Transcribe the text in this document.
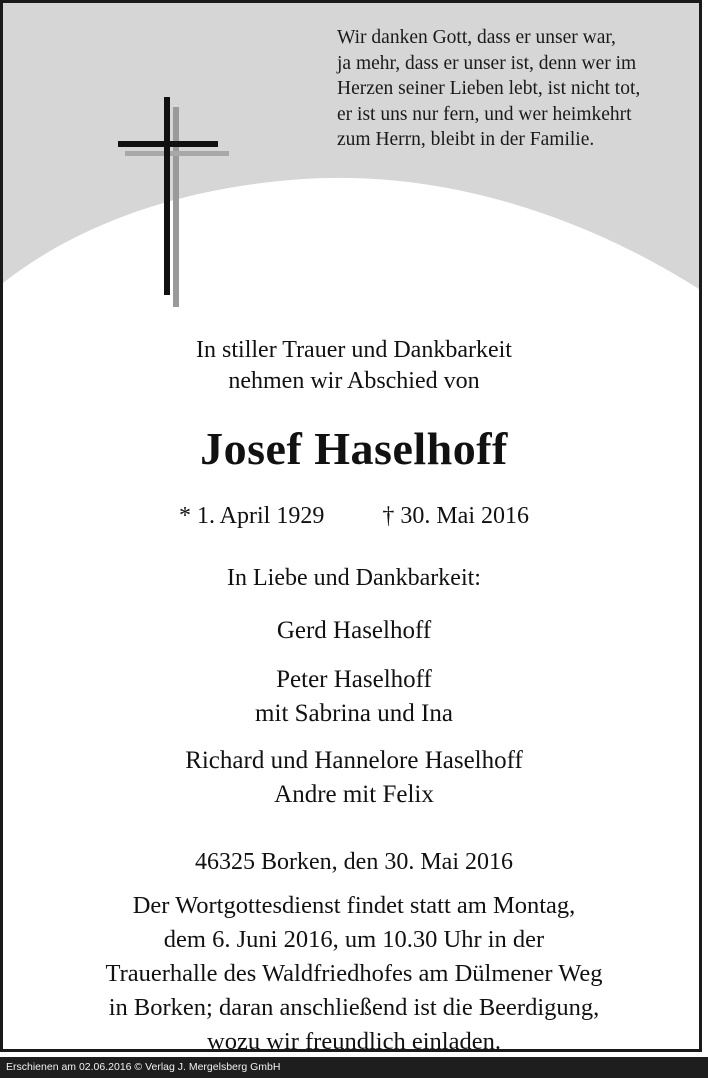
Wir danken Gott, dass er unser war,
ja mehr, dass er unser ist, denn wer im
Herzen seiner Lieben lebt, ist nicht tot,
er ist uns nur fern, und wer heimkehrt
zum Herrn, bleibt in der Familie.
In stiller Trauer und Dankbarkeit
nehmen wir Abschied von
Josef Haselhoff
* 1. April 1929 † 30. Mai 2016
In Liebe und Dankbarkeit:
Gerd Haselhoff
Peter Haselhoff
mit Sabrina und Ina
Richard und Hannelore Haselhoff
Andre mit Felix
46325 Borken, den 30. Mai 2016
Der Wortgottesdienst findet statt am Montag,
dem 6. Juni 2016, um 10.30 Uhr in der
Trauerhalle des Waldfriedhofes am Dülmener Weg
in Borken; daran anschließend ist die Beerdigung,
wozu wir freundlich einladen.
Erschienen am 02.06.2016 © Verlag J. Mergelsberg GmbH
